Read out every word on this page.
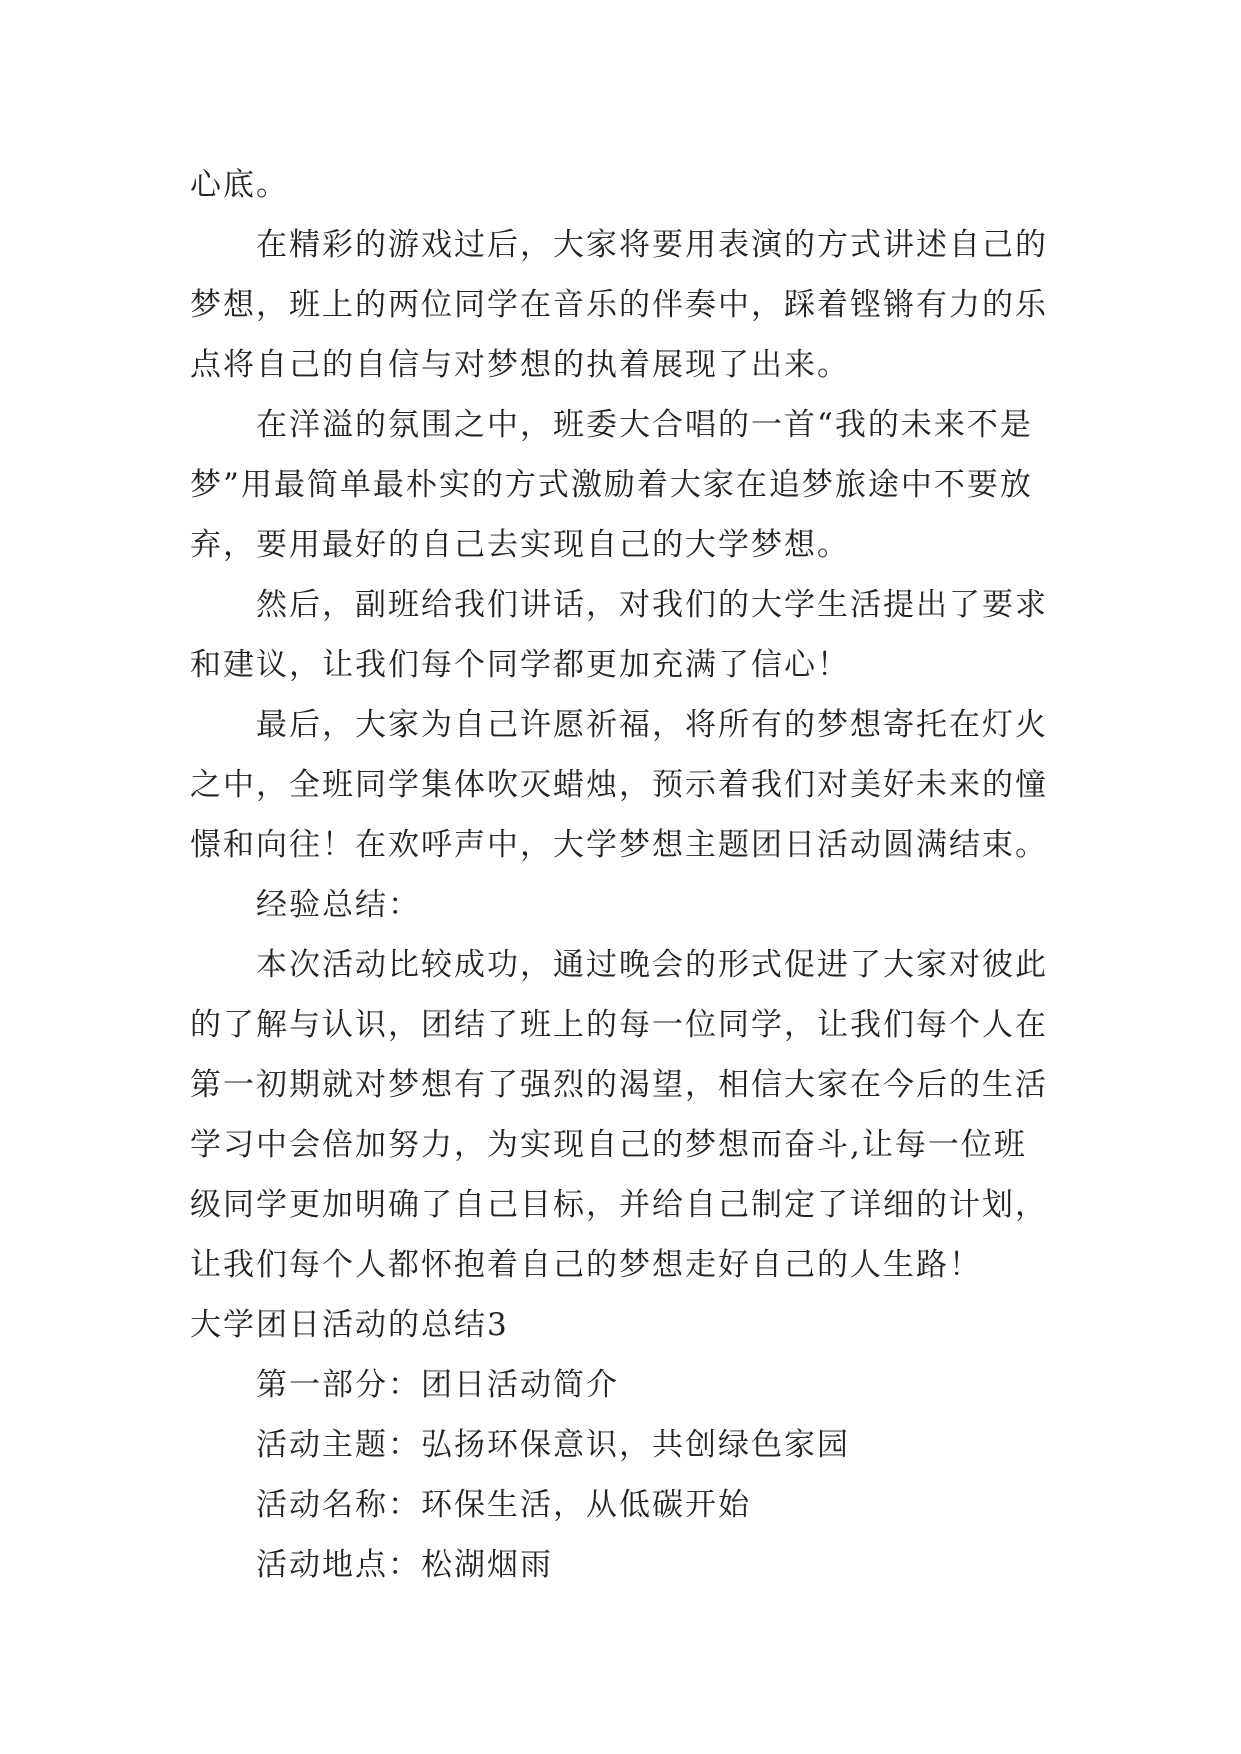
心底。
在精彩的游戏过后，大家将要用表演的方式讲述自己的
梦想，班上的两位同学在音乐的伴奏中，踩着铿锵有力的乐
点将自己的自信与对梦想的执着展现了出来。
在洋溢的氛围之中，班委大合唱的一首“我的未来不是
梦”用最简单最朴实的方式激励着大家在追梦旅途中不要放
弃，要用最好的自己去实现自己的大学梦想。
然后，副班给我们讲话，对我们的大学生活提出了要求
和建议，让我们每个同学都更加充满了信心！
最后，大家为自己许愿祈福，将所有的梦想寄托在灯火
之中，全班同学集体吹灭蜡烛，预示着我们对美好未来的憧
憬和向往！在欢呼声中，大学梦想主题团日活动圆满结束。
经验总结：
本次活动比较成功，通过晚会的形式促进了大家对彼此
的了解与认识，团结了班上的每一位同学，让我们每个人在
第一初期就对梦想有了强烈的渴望，相信大家在今后的生活
学习中会倍加努力，为实现自己的梦想而奋斗,让每一位班
级同学更加明确了自己目标，并给自己制定了详细的计划，
让我们每个人都怀抱着自己的梦想走好自己的人生路！
大学团日活动的总结3
第一部分：团日活动简介
活动主题：弘扬环保意识，共创绿色家园
活动名称：环保生活，从低碳开始
活动地点：松湖烟雨
